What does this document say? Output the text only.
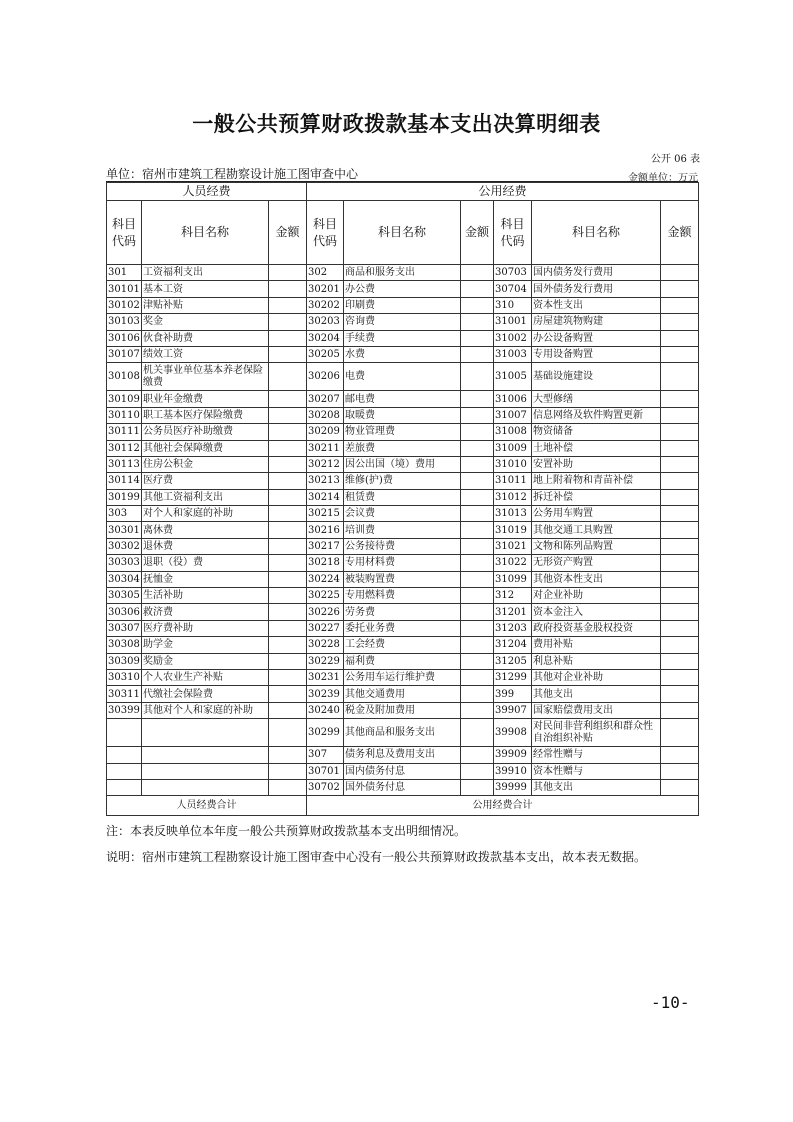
一般公共预算财政拨款基本支出决算明细表
公开 06 表
单位：宿州市建筑工程勘察设计施工图审查中心	金额单位：万元
人员经费			公用经费					
科目代码	科目名称	金额	科目代码	科目名称	金额	科目代码	科目名称	金额
301	工资福利支出		302	商品和服务支出		30703	国内债务发行费用	
30101	基本工资		30201	办公费		30704	国外债务发行费用	
30102	津贴补贴		30202	印刷费		310	资本性支出	
30103	奖金		30203	咨询费		31001	房屋建筑物购建	
30106	伙食补助费		30204	手续费		31002	办公设备购置	
30107	绩效工资		30205	水费		31003	专用设备购置	
30108	机关事业单位基本养老保险缴费		30206	电费		31005	基础设施建设	
30109	职业年金缴费		30207	邮电费		31006	大型修缮	
30110	职工基本医疗保险缴费		30208	取暖费		31007	信息网络及软件购置更新	
30111	公务员医疗补助缴费		30209	物业管理费		31008	物资储备	
30112	其他社会保障缴费		30211	差旅费		31009	土地补偿	
30113	住房公积金		30212	因公出国（境）费用		31010	安置补助	
30114	医疗费		30213	维修(护)费		31011	地上附着物和青苗补偿	
30199	其他工资福利支出		30214	租赁费		31012	拆迁补偿	
303	对个人和家庭的补助		30215	会议费		31013	公务用车购置	
30301	离休费		30216	培训费		31019	其他交通工具购置	
30302	退休费		30217	公务接待费		31021	文物和陈列品购置	
30303	退职（役）费		30218	专用材料费		31022	无形资产购置	
30304	抚恤金		30224	被装购置费		31099	其他资本性支出	
30305	生活补助		30225	专用燃料费		312	对企业补助	
30306	救济费		30226	劳务费		31201	资本金注入	
30307	医疗费补助		30227	委托业务费		31203	政府投资基金股权投资	
30308	助学金		30228	工会经费		31204	费用补贴	
30309	奖励金		30229	福利费		31205	利息补贴	
30310	个人农业生产补贴		30231	公务用车运行维护费		31299	其他对企业补助	
30311	代缴社会保险费		30239	其他交通费用		399	其他支出	
30399	其他对个人和家庭的补助		30240	税金及附加费用		39907	国家赔偿费用支出	
			30299	其他商品和服务支出		39908	对民间非营利组织和群众性自治组织补贴	
			307	债务利息及费用支出		39909	经常性赠与	
			30701	国内债务付息		39910	资本性赠与	
			30702	国外债务付息		39999	其他支出	
人员经费合计			公用经费合计					
注：本表反映单位本年度一般公共预算财政拨款基本支出明细情况。
说明：宿州市建筑工程勘察设计施工图审查中心没有一般公共预算财政拨款基本支出，故本表无数据。
-10-
